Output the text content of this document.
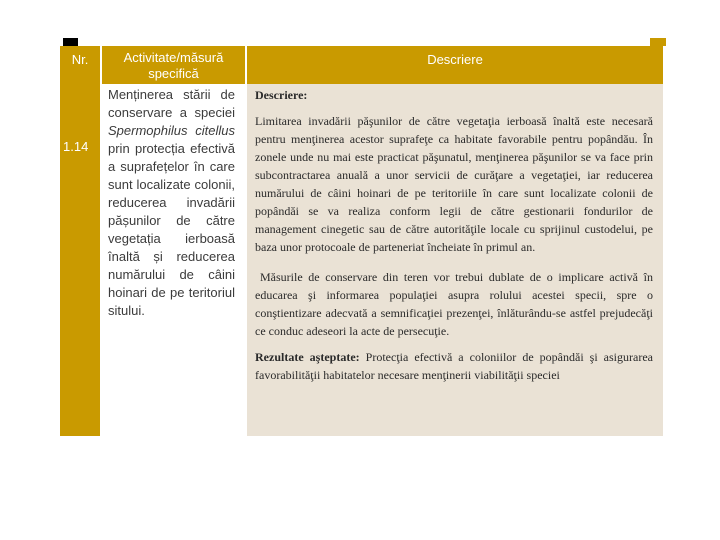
Nr.	Activitate/măsură specifică
Descriere
1.14
Menținerea stării de conservare a speciei Spermophilus citellus prin protecția efectivă a suprafețelor în care sunt localizate colonii, reducerea invadării pășunilor de către vegetația ierboasă înaltă și reducerea numărului de câini hoinari de pe teritoriul sitului.

Descriere:

Limitarea invadării păşunilor de către vegetaţia ierboasă înaltă este necesară pentru menţinerea acestor suprafeţe ca habitate favorabile pentru popândău. În zonele unde nu mai este practicat păşunatul, menţinerea păşunilor se va face prin subcontractarea anuală a unor servicii de curăţare a vegetaţiei, iar reducerea numărului de câini hoinari de pe teritoriile în care sunt localizate colonii de popândăi se va realiza conform legii de către gestionarii fondurilor de management cinegetic sau de către autorităţile locale cu sprijinul custodelui, pe baza unor protocoale de parteneriat încheiate în primul an.

Măsurile de conservare din teren vor trebui dublate de o implicare activă în educarea şi informarea populaţiei asupra rolului acestei specii, spre o conştientizare adecvată a semnificaţiei prezenţei, înlăturându-se astfel prejudecăţi ce conduc adeseori la acte de persecuţie.

Rezultate aşteptate: Protecţia efectivă a coloniilor de popândăi şi asigurarea favorabilităţii habitatelor necesare menţinerii viabilităţii speciei
